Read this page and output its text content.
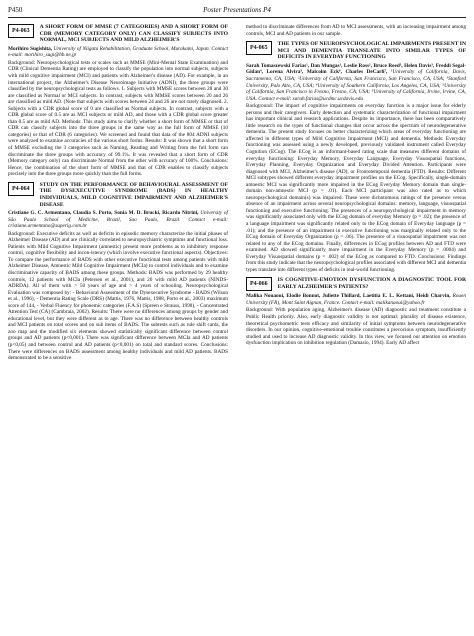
P450	Poster Presentations P4
P4-063
A SHORT FORM OF MMSE (7 CATEGORIES) AND A SHORT FORM OF CDR (MEMORY CATEGORY ONLY) CAN CLASSIFY SUBJECTS INTO NORMAL, MCI SUBJECTS AND MILD ALZHEIMER'S

Morihiro Sugishita, University of Niigata Rehabilitation, Graduate School, Murakami, Japan. Contact e-mail: morihiro_sugi@hb.ne.jp

Background: Neuropsychological tests or scales such as MMSE (Mini-Mental State Examination) and CDR (Clinical Dementia Rating) are employed to classify the population into normal subjects, subjects with mild cognitive impairment (MCI) and patients with Alzheimer's disease (AD). For example, in an international project, the Alzheimer's Disease Neuroimage Initiative (ADNI), the three groups were classified by the neuropsychological tests as follows. 1. Subjects with MMSE scores between 28 and 30 are classified as Normal or MCI subjects. In contrast, subjects with MMSE scores between 20 and 26 are classified as mild AD. (Note that subjects with scores between 24 and 26 are not rarely diagnosed. 2. Subjects with a CDR global score of 0 are classified as Normal subjects. In contrast, subjects with a CDR global score of 0.5 are as MCI subjects or mild AD, and those with a CDR global score greater than 0.5 are as mild AD. Methods: This study aims to clarify whether a short form of MMSE or that of CDR can classify subjects into the three groups in the same way as the full form of MMSE (10 categories) or that of CDR (6 categories). We screened and found that data of the 804 ADNI subjects were analyzed to examine accuracies of the various short forms. Results: It was shown that a short form of MMSE excluding the 3 categories such as Naming, Reading and Writing from the full form can discriminate the three groups with accuracy of 99.1%. It was revealed that a short form of CDR (Memory category only) can discriminate Normal from the other with accuracy of 100%. Conclusions: Hence, the combination of the short form of MMSE and that of CDR enables to classify subjects precisely into the three groups more quickly than the full forms.

P4-064
STUDY ON THE PERFORMANCE OF BEHAVIOURAL ASSESSMENT OF THE DYSEXECUTIVE SYNDROME (BADS) IN HEALTHY INDIVIDUALS, MILD COGNITIVE IMPAIRMENT AND ALZHEIMER'S DISEASE

Cristiane G. C. Armentano, Claudia S. Porto, Sonia M. D. Brucki, Ricardo Nitrini, University of São Paulo School of Medicine, Brazil, Sao Paulo, Brazil. Contact e-mail: cristiane.armentano@superig.com.br

Background: Executive deficits as well as deficits in episodic memory characterize the initial phases of Alzheimer Disease (AD) and are clinically correlated to neuropsychiatric symptoms and functional loss. Patients with Mild Cognitive Impairment (amnestic) present more problems as to inhibitory response control, cognitive flexibility and incon-istency (which involve executive functional aspects). Objectives: To compare the performance of BADS with other executive functional tests among patients with mild Alzheimer Disease, Amnestic Mild Cognitive Impairment (MCIa) to control individuals and to examine discriminative capacity of BADS among these groups. Methods: BADS was performed by 29 healthy controls, 12 patients with MCIa (Petersen et al., 2001), and 20 with mild AD patients (NINDS-ADRDA). All of them with > 50 years of age and > 4 years of schooling. Neuropsychological Evaluation was composed by: - Behavioral Assessment of the Dysexecutive Syndrome - BADS (Wilson et al., 1996), - Dementia Rating Scale (DRS) (Mattis, 1976, Mattis, 1988, Porto et al., 2003) maximum score of 144, - Verbal Fluency for phonemic categories (F.A.S) (Spreen e Strauss, 1998), - Concentrated Attention Test (CA) (Cambraia, 2002). Results: There were no differences among groups by gender and educational level, but they were different as to age. There was no difference between healthy controls and MCI patients on total scores and on sub items of BADS. The subtests such as rule shift cards, the zoo map and the modified six elements showed statistically significant difference between control groups and AD patients (p<0,001). There was significant difference between MCIa and AD patients (p<0,05) and between control and AD patients (p<0,001) on total and standard scores. Conclusions: There were differences on BADS assessment among healthy individuals and mild AD patients. BADS demonstrated to be a sensitive

method to discriminate differences from AD to MCI assessments, with an increasing impairment among controls, MCI and AD patients in our sample.

P4-065
THE TYPES OF NEUROPSYCHOLOGICAL IMPAIRMENTS PRESENT IN MCI AND DEMENTIA TRANSLATE INTO SIMILAR TYPES OF DEFICITS IN EVERYDAY FUNCTIONING

Sarah Tomaszewski Farias¹, Dan Mungas¹, Leslie Ross², Bruce Reed³, Helen Davis³, Freddi Segal-Gidan⁴, Lorena Alvira⁵, Malcolm Eck⁶, Charles DeCarli⁷, ¹University of California, Davis, Sacramento, CA, USA; ²University of California, San Francisco, San Francisco, CA, USA; ³Stanford University, Palo Alto, CA, USA; ⁴University of Southern California, Los Angeles, CA, USA; ⁵University of California, San Francisco in Fresno, Fresno, CA, USA; ⁶University of California, Irvine, Irvine, CA, USA. Contact e-mail: sarah.farias@ucdmc.ucdavis.edu

Background: The impact of cognitive impairments on everyday function is a major issue for elderly persons and their caregivers. Early detection and systematic characterization of functional impairment has important clinical and research applications. Despite its importance, there has been comparatively little research on the types of functional changes that occur across the spectrum of neurodegenerative dementia. The present study focuses on better characterizing which areas of everyday functioning are affected in different types of Mild Cognitive Impairment (MCI) and dementia. Methods: Everyday functioning was assessed using a newly developed, previously validated instrument called Everyday Cognition (ECog). The ECog is an informant-based rating scale that measures different domains of everyday functioning: Everyday Memory, Everyday Language, Everyday Visuospatial functions, Everyday Planning, Everyday Organization and Everyday Divided Attention. Participants were diagnosed with MCI, Alzheimer's disease (AD), or Frontotemporal dementia (FTD). Results: Different MCI subtypes showed different everyday impairment profiles on the ECog. Specifically, single-domain amnestic MCI was significantly more impaired in the ECog Everyday Memory domain than single-domain non-amnestic MCI (p = .01). Each MCI participant was also rated as to which neuropsychological domain(s) was impaired. These were dichotomous ratings of the presence versus absence of an impairment across several neuropsychological domains: memory, language, visuospatial functioning and executive functioning. The presences of a neuropsychological impairment in memory was significantly associated only with the ECog domain of everyday Memory (p = .02); the presence of a language impairment was significantly related only to the ECog domain of Everyday language (p = .01); and the presence of an impairment in executive functioning was marginally related only to the ECog domain of Everyday Organization (p = .06). The presence of a visuospatial impairment was not related to any of the ECog domains. Finally, differences in ECog profiles between AD and FTD were examined. AD showed significantly more impairment in the Everyday Memory (p = .0004) and Everyday Visuospatial domains (p = .002) of the ECog as compared to FTD. Conclusions: Findings from this study indicate that the neuropsychological profiles associated with different MCI and dementia types translate into different types of deficits in real-world functioning.

P4-066
IS COGNITIVE-EMOTION DYSFUNCTION A DIAGNOSTIC TOOL FOR EARLY ALZHEIMER'S PATIENTS?

Malika Nouaoui, Elodie Bonnot, Juliette Thillard, Laetitia E. L. Kettani, Heidi Charvin, Rouen University (FR), Mont Saint Aignan, France. Contact e-mail: malikanaoui@yahoo.fr

Background: With population aging, Alzheimer's disease (AD) diagnostic and treatment constitute a Public Health priority. Also, early diagnostic validity is not optimal: plurality of disease existence, theoretical psychometric tests efficacy and similarity of initial symptoms between neurodegenerative disorders. In our opinion, cognitive-emotional trouble constitutes a precocious symptom, insufficiently studied and used to increase AD diagnostic validity. In this view, we focused our attention on emotion dysfunction implication on inhibition regulation (Damasio, 1994). Early AD affect
